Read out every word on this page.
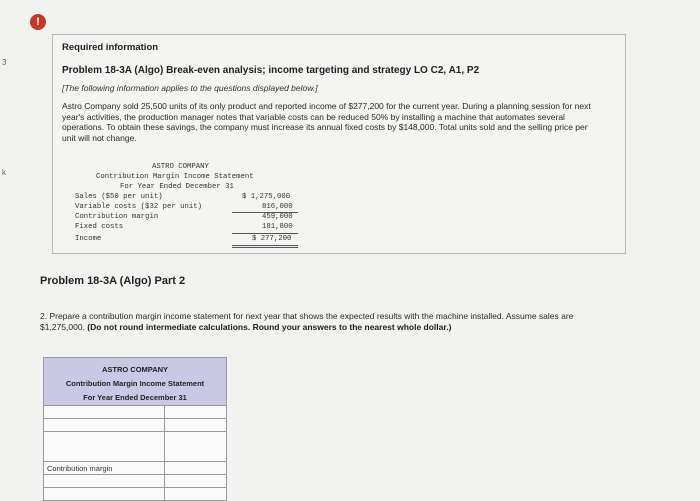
3
k
!
Required information
Problem 18-3A (Algo) Break-even analysis; income targeting and strategy LO C2, A1, P2
[The following information applies to the questions displayed below.]
Astro Company sold 25,500 units of its only product and reported income of $277,200 for the current year. During a planning session for next year's activities, the production manager notes that variable costs can be reduced 50% by installing a machine that automates several operations. To obtain these savings, the company must increase its annual fixed costs by $148,000. Total units sold and the selling price per unit will not change.
ASTRO COMPANY
Contribution Margin Income Statement
For Year Ended December 31
Sales ($50 per unit)	$ 1,275,000
Variable costs ($32 per unit)	816,000
Contribution margin	459,000
Fixed costs	181,800
Income	$ 277,200
Problem 18-3A (Algo) Part 2
2. Prepare a contribution margin income statement for next year that shows the expected results with the machine installed. Assume sales are $1,275,000. (Do not round intermediate calculations. Round your answers to the nearest whole dollar.)
ASTRO COMPANY
Contribution Margin Income Statement
For Year Ended December 31	

Contribution margin	
